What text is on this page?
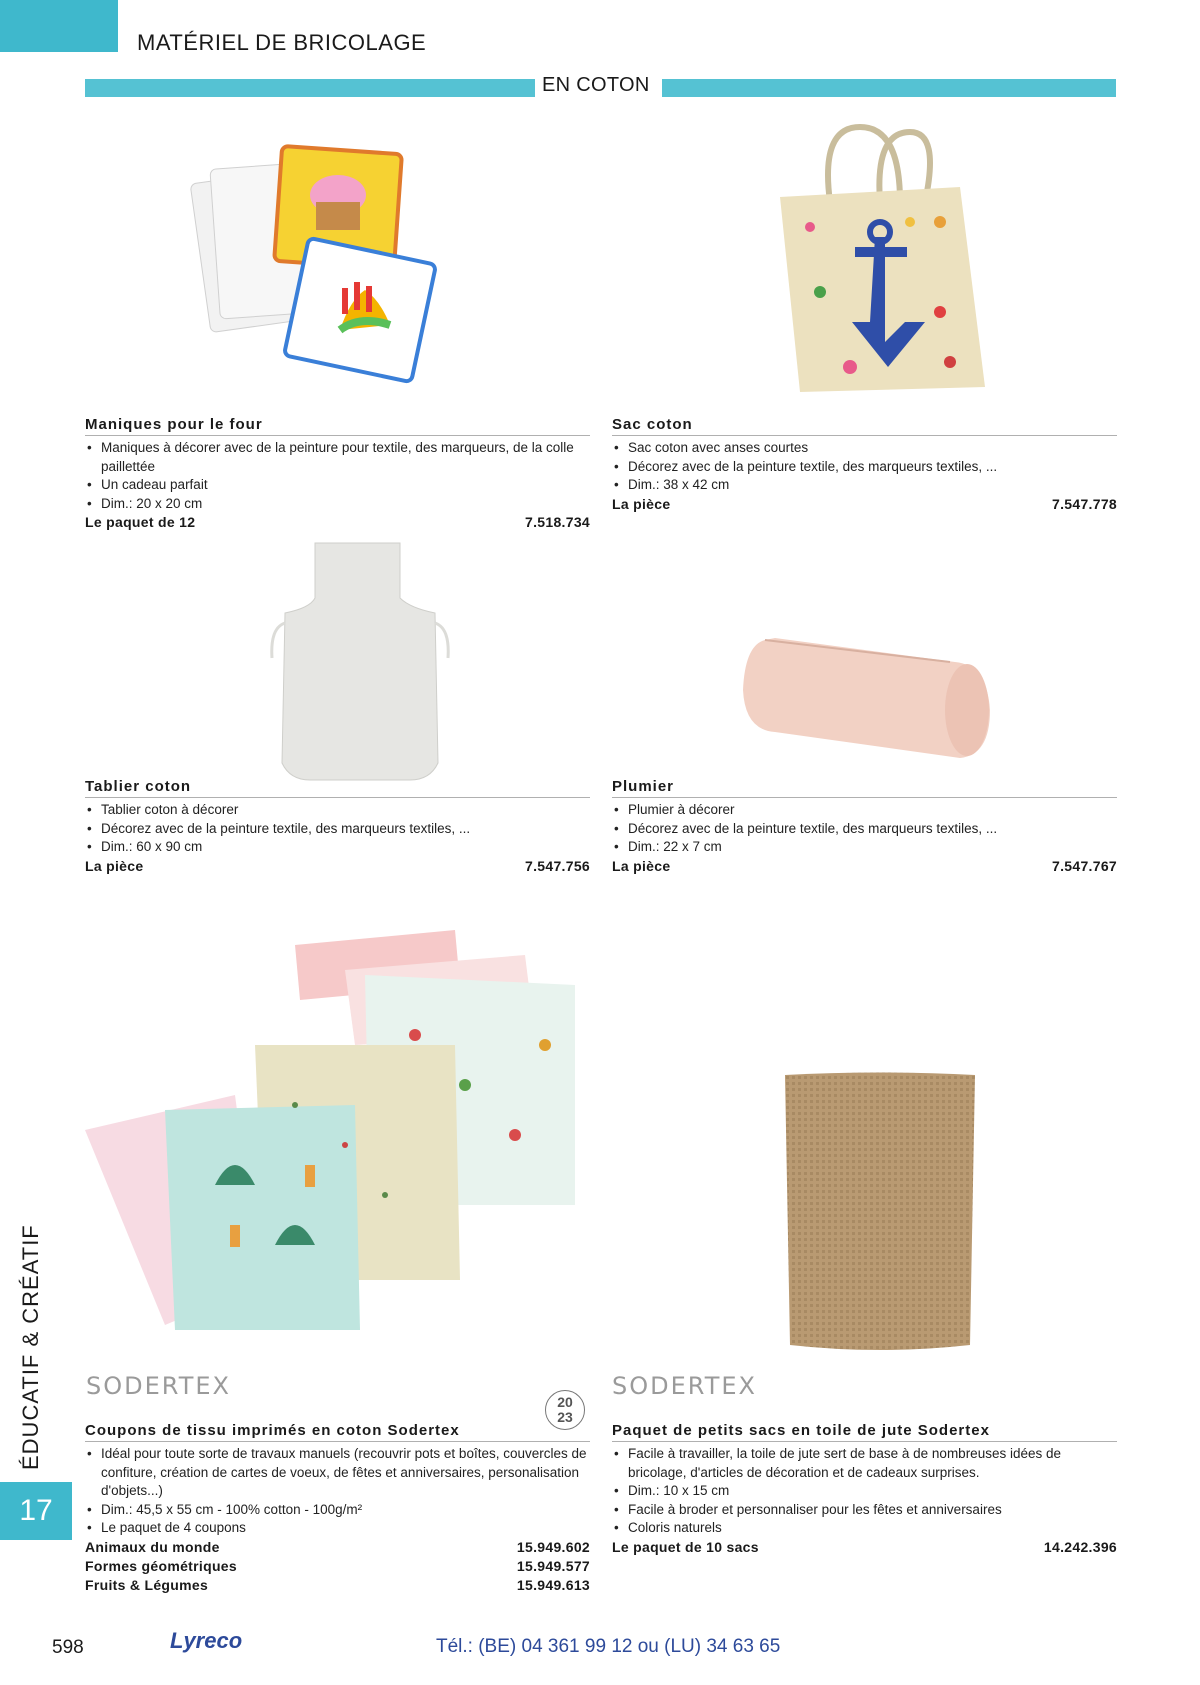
MATÉRIEL DE BRICOLAGE
EN COTON
ÉDUCATIF & CRÉATIF
17
Maniques pour le four
• Maniques à décorer avec de la peinture pour textile, des marqueurs, de la colle paillettée
• Un cadeau parfait
• Dim.: 20 x 20 cm
Le paquet de 12	7.518.734
Sac coton
• Sac coton avec anses courtes
• Décorez avec de la peinture textile, des marqueurs textiles, ...
• Dim.: 38 x 42 cm
La pièce	7.547.778
Tablier coton
• Tablier coton à décorer
• Décorez avec de la peinture textile, des marqueurs textiles, ...
• Dim.: 60 x 90 cm
La pièce	7.547.756
Plumier
• Plumier à décorer
• Décorez avec de la peinture textile, des marqueurs textiles, ...
• Dim.: 22 x 7 cm
La pièce	7.547.767
SODERTEX
20
23
SODERTEX
Coupons de tissu imprimés en coton Sodertex
• Idéal pour toute sorte de travaux manuels (recouvrir pots et boîtes, couvercles de confiture, création de cartes de voeux, de fêtes et anniversaires, personalisation d'objets...)
• Dim.: 45,5 x 55 cm - 100% cotton - 100g/m²
• Le paquet de 4 coupons
Animaux du monde	15.949.602
Formes géométriques	15.949.577
Fruits & Légumes	15.949.613
Paquet de petits sacs en toile de jute Sodertex
• Facile à travailler, la toile de jute sert de base à de nombreuses idées de bricolage, d'articles de décoration et de cadeaux surprises.
• Dim.: 10 x 15 cm
• Facile à broder et personnaliser pour les fêtes et anniversaires
• Coloris naturels
Le paquet de 10 sacs	14.242.396
598	Lyreco	Tél.: (BE) 04 361 99 12 ou (LU) 34 63 65
